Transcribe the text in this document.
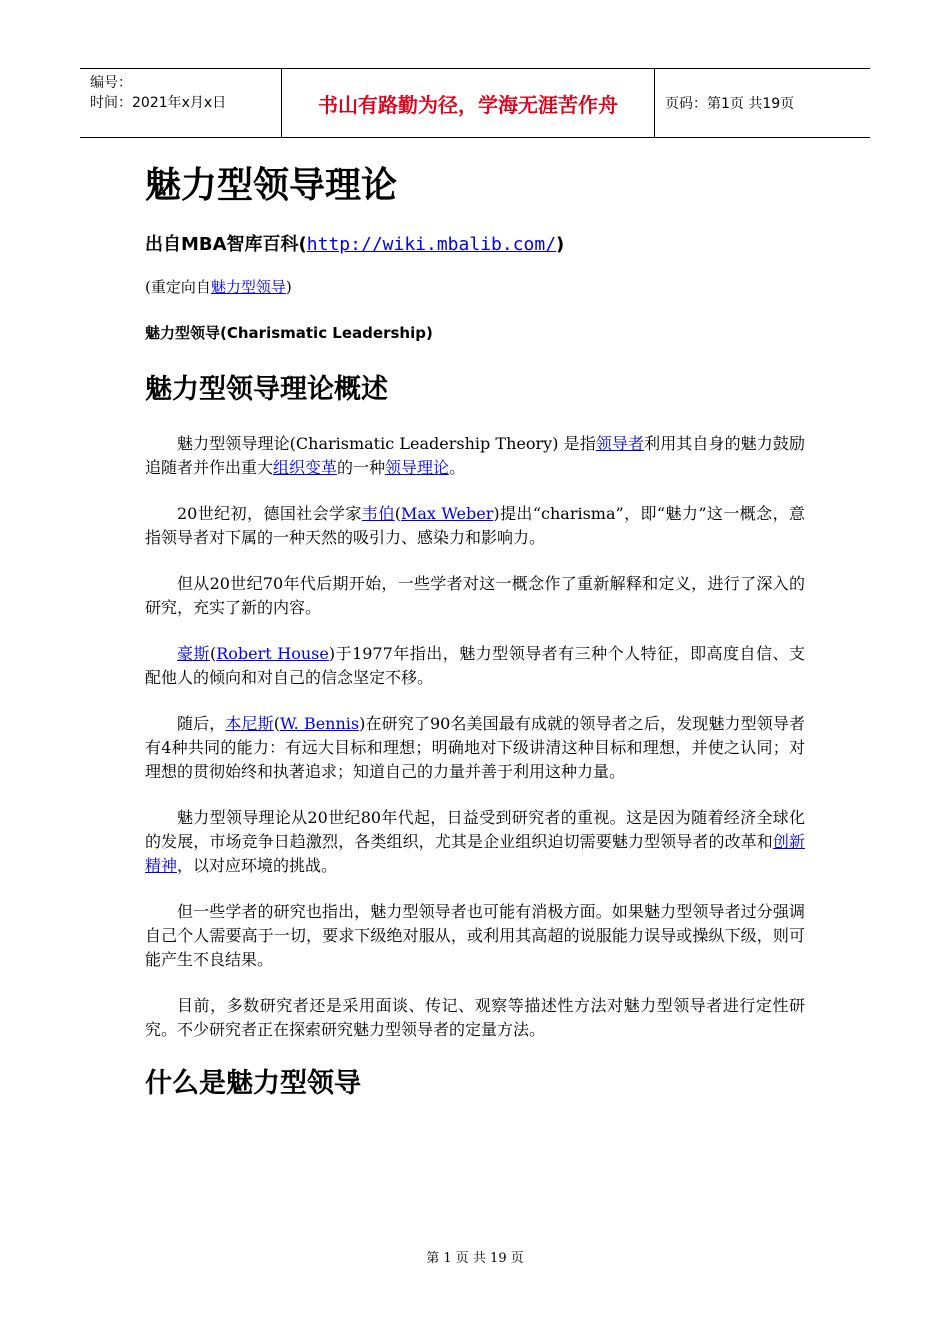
编号：
时间：2021年x月x日	书山有路勤为径，学海无涯苦作舟	页码：第1页 共19页
魅力型领导理论

出自MBA智库百科(http://wiki.mbalib.com/)

(重定向自魅力型领导)

魅力型领导(Charismatic Leadership)

魅力型领导理论概述

魅力型领导理论(Charismatic Leadership Theory) 是指领导者利用其自身的魅力鼓励追随者并作出重大组织变革的一种领导理论。

20世纪初，德国社会学家韦伯(Max Weber)提出“charisma”，即“魅力”这一概念，意指领导者对下属的一种天然的吸引力、感染力和影响力。

但从20世纪70年代后期开始，一些学者对这一概念作了重新解释和定义，进行了深入的研究，充实了新的内容。

豪斯(Robert House)于1977年指出，魅力型领导者有三种个人特征，即高度自信、支配他人的倾向和对自己的信念坚定不移。

随后，本尼斯(W. Bennis)在研究了90名美国最有成就的领导者之后，发现魅力型领导者有4种共同的能力：有远大目标和理想；明确地对下级讲清这种目标和理想，并使之认同；对理想的贯彻始终和执著追求；知道自己的力量并善于利用这种力量。

魅力型领导理论从20世纪80年代起，日益受到研究者的重视。这是因为随着经济全球化的发展，市场竞争日趋激烈，各类组织，尤其是企业组织迫切需要魅力型领导者的改革和创新精神，以对应环境的挑战。

但一些学者的研究也指出，魅力型领导者也可能有消极方面。如果魅力型领导者过分强调自己个人需要高于一切，要求下级绝对服从，或利用其高超的说服能力误导或操纵下级，则可能产生不良结果。

目前，多数研究者还是采用面谈、传记、观察等描述性方法对魅力型领导者进行定性研究。不少研究者正在探索研究魅力型领导者的定量方法。

什么是魅力型领导
第 1 页 共 19 页
